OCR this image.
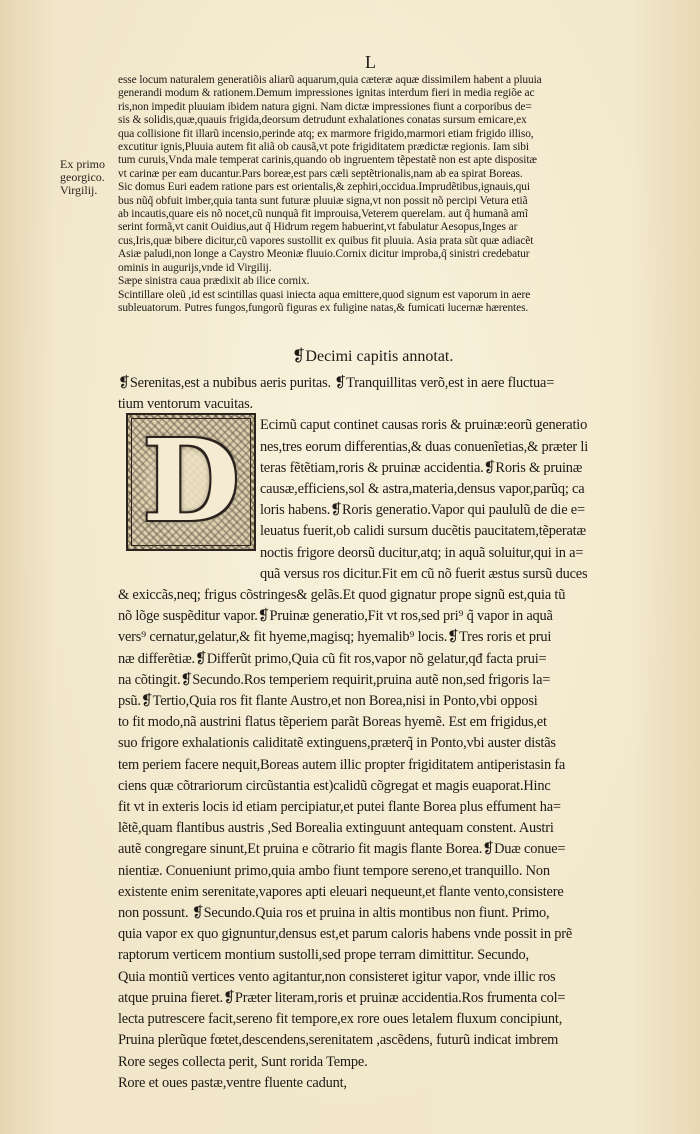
L
Ex primo
georgico.
Virgilij.
esse locum naturalem generatiõis aliarũ aquarum,quia cæteræ aquæ dissimilem habent a pluuia
generandi modum & rationem.Demum impressiones ignitas interdum fieri in media regiõe ac
ris,non impedit pluuiam ibidem natura gigni. Nam dictæ impressiones fiunt a corporibus de=
sis & solidis,quæ,quauis frigida,deorsum detrudunt exhalationes conatas sursum emicare,ex
qua collisione fit illarũ incensio,perinde atq; ex marmore frigido,marmori etiam frigido illiso,
excutitur ignis,Pluuia autem fit aliã ob causã,vt pote frigiditatem prædictæ regionis. Iam sibi
tum curuis,Vnda male temperat carinis,quando ob ingruentem tẽpestatẽ non est apte dispositæ
vt carinæ per eam ducantur.Pars boreæ,est pars cæli septẽtrionalis,nam ab ea spirat Boreas.
Sic domus Euri eadem ratione pars est orientalis,& zephiri,occidua.Imprudẽtibus,ignauis,qui
bus nũq̃ obfuit imber,quia tanta sunt futuræ pluuiæ signa,vt non possit nõ percipi Vetura etiã
ab incautis,quare eis nõ nocet,cũ nunquã fit improuisa,Veterem querelam. aut q̃ humanã amĩ
serint formã,vt canit Ouidius,aut q̃ Hidrum regem habuerint,vt fabulatur Aesopus,Inges ar
cus,Iris,quæ bibere dicitur,cũ vapores sustollit ex quibus fit pluuia. Asia prata sũt quæ adiacẽt
Asiæ paludi,non longe a Caystro Meoniæ fluuio.Cornix dicitur improba,q̃ sinistri credebatur
ominis in augurijs,vnde id Virgilij.
Sæpe sinistra caua prædixit ab ilice cornix.
Scintillare oleũ ,id est scintillas quasi iniecta aqua emittere,quod signum est vaporum in aere
subleuatorum. Putres fungos,fungorũ figuras ex fuligine natas,& fumicati lucernæ hærentes.
❡Decimi capitis annotat.
D
❡Serenitas,est a nubibus aeris puritas. ❡Tranquillitas verõ,est in aere fluctua=
tium ventorum vacuitas.
Ecimũ caput continet causas roris & pruinæ:eorũ generatio
nes,tres eorum differentias,& duas conuenĩetias,& præter li
teras fẽtẽtiam,roris & pruinæ accidentia.❡Roris & pruinæ
causæ,efficiens,sol & astra,materia,densus vapor,parũq; ca
loris habens.❡Roris generatio.Vapor qui paululũ de die e=
leuatus fuerit,ob calidi sursum ducẽtis paucitatem,tẽperatæ
noctis frigore deorsũ ducitur,atq; in aquã soluitur,qui in a=
quã versus ros dicitur.Fit em cũ nõ fuerit æstus sursũ duces
& exiccãs,neq; frigus cõstringes& gelãs.Et quod gignatur prope signũ est,quia tũ
nõ lõge suspẽditur vapor.❡Pruinæ generatio,Fit vt ros,sed pri⁹ q̃ vapor in aquã
vers⁹ cernatur,gelatur,& fit hyeme,magisq; hyemalib⁹ locis.❡Tres roris et prui
næ differẽtiæ.❡Differũt primo,Quia cũ fit ros,vapor nõ gelatur,qđ facta prui=
na cõtingit.❡Secundo.Ros temperiem requirit,pruina autẽ non,sed frigoris la=
psũ.❡Tertio,Quia ros fit flante Austro,et non Borea,nisi in Ponto,vbi opposi
to fit modo,nã austrini flatus tẽperiem parãt Boreas hyemẽ. Est em frigidus,et
suo frigore exhalationis caliditatẽ extinguens,præterq̃ in Ponto,vbi auster distãs
tem periem facere nequit,Boreas autem illic propter frigiditatem antiperistasin fa
ciens quæ cõtrariorum circũstantia est)calidũ cõgregat et magis euaporat.Hinc
fit vt in exteris locis id etiam percipiatur,et putei flante Borea plus effument ha=
lẽtẽ,quam flantibus austris ,Sed Borealia extinguunt antequam constent. Austri
autẽ congregare sinunt,Et pruina e cõtrario fit magis flante Borea.❡Duæ conue=
nientiæ. Conueniunt primo,quia ambo fiunt tempore sereno,et tranquillo. Non
existente enim serenitate,vapores apti eleuari nequeunt,et flante vento,consistere
non possunt. ❡Secundo.Quia ros et pruina in altis montibus non fiunt. Primo,
quia vapor ex quo gignuntur,densus est,et parum caloris habens vnde possit in prẽ
raptorum verticem montium sustolli,sed prope terram dimittitur. Secundo,
Quia montiũ vertices vento agitantur,non consisteret igitur vapor, vnde illic ros
atque pruina fieret.❡Præter literam,roris et pruinæ accidentia.Ros frumenta col=
lecta putrescere facit,sereno fit tempore,ex rore oues letalem fluxum concipiunt,
Pruina plerũque fœtet,descendens,serenitatem ,ascẽdens, futurũ indicat imbrem
Rore seges collecta perit, Sunt rorida Tempe.
Rore et oues pastæ,ventre fluente cadunt,
